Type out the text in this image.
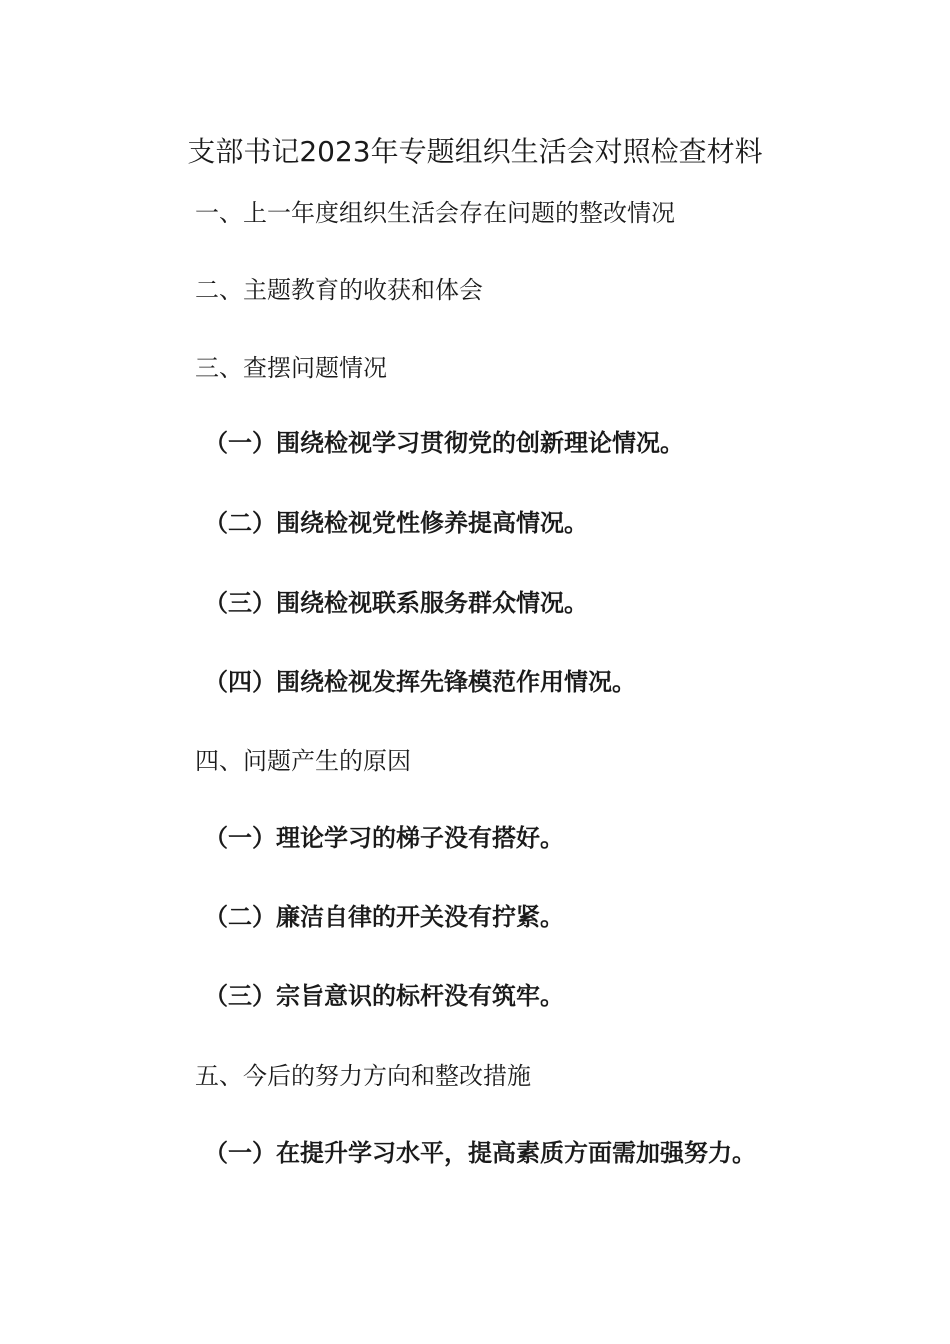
支部书记2023年专题组织生活会对照检查材料
一、上一年度组织生活会存在问题的整改情况
二、主题教育的收获和体会
三、查摆问题情况
（一）围绕检视学习贯彻党的创新理论情况。
（二）围绕检视党性修养提高情况。
（三）围绕检视联系服务群众情况。
（四）围绕检视发挥先锋模范作用情况。
四、问题产生的原因
（一）理论学习的梯子没有搭好。
（二）廉洁自律的开关没有拧紧。
（三）宗旨意识的标杆没有筑牢。
五、今后的努力方向和整改措施
（一）在提升学习水平，提高素质方面需加强努力。
